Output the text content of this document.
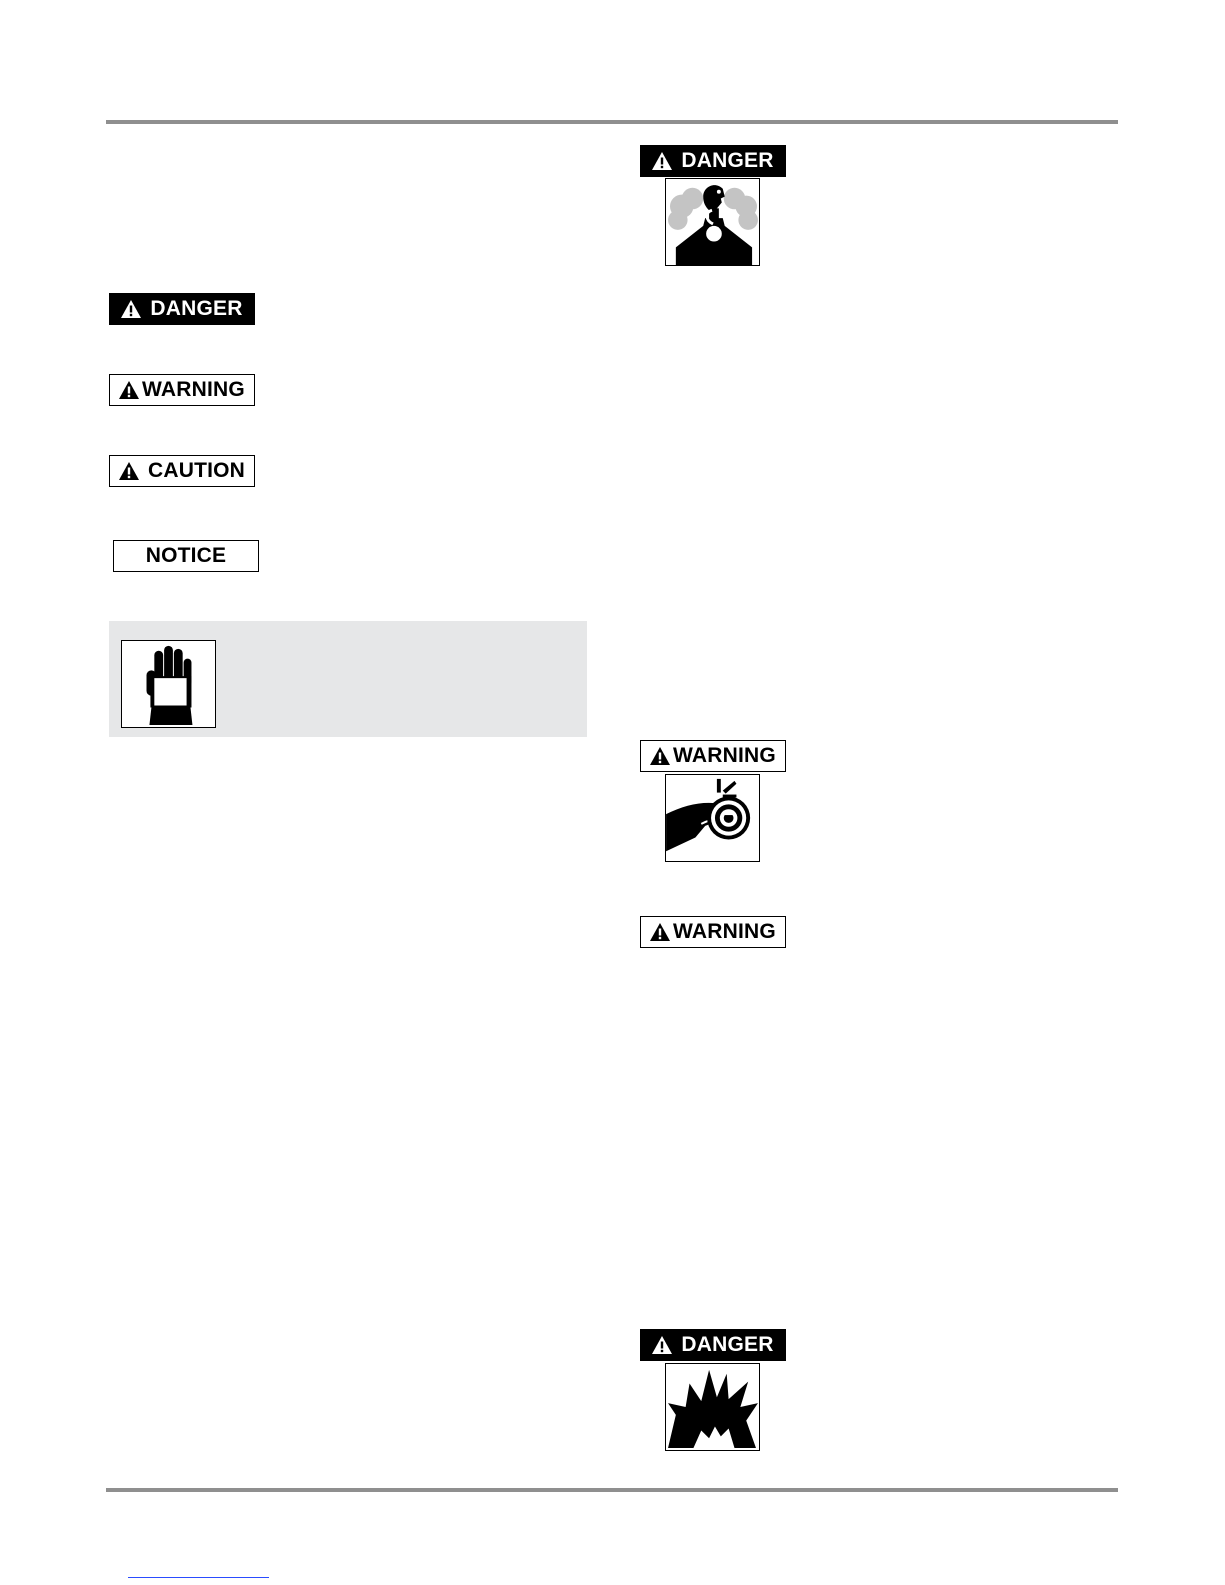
DANGER
WARNING
CAUTION
NOTICE
DANGER
WARNING
WARNING
DANGER
